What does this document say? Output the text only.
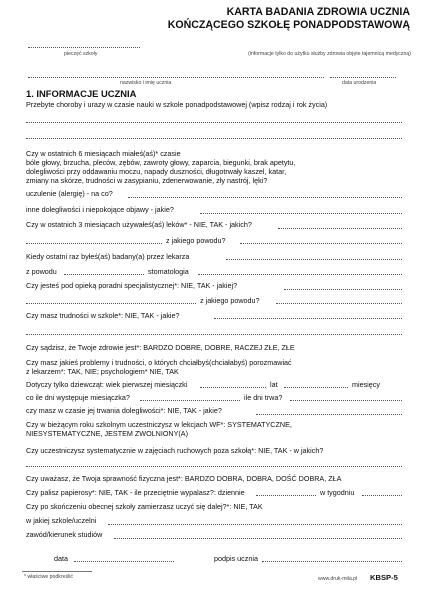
KARTA BADANIA ZDROWIA UCZNIA
KOŃCZĄCEGO SZKOŁĘ PONADPODSTAWOWĄ
(informacje tylko do użytku służby zdrowia objęte tajemnicą medyczną)
pieczęć szkoły
nazwisko i imię ucznia	data urodzenia
1. INFORMACJE UCZNIA
Przebyte choroby i urazy w czasie nauki w szkole ponadpodstawowej (wpisz rodzaj i rok życia)
Czy w ostatnich 6 miesiącach miałeś(aś)* czasie
bóle głowy, brzucha, pleców, zębów, zawroty głowy, zaparcia, biegunki, brak apetytu,
dolegliwości przy oddawaniu moczu, napady duszności, długotrwały kaszel, katar,
zmiany na skórze, trudności w zasypianiu, zdenerwowanie, zły nastrój, lęki?
uczulenie (alergię) - na co?
inne dolegliwości i niepokojące objawy - jakie?
Czy w ostatnich 3 miesiącach używałeś(aś) leków* - NIE, TAK - jakich?
z jakiego powodu?
Kiedy ostatni raz byłeś(aś) badany(a) przez lekarza
z powodu	stomatologia
Czy jesteś pod opieką poradni specjalistycznej*: NIE, TAK - jakiej?
z jakiego powodu?
Czy masz trudności w szkole*: NIE, TAK - jakie?
Czy sądzisz, że Twoje zdrowie jest*: BARDZO DOBRE, DOBRE, RACZEJ ZŁE, ZŁE
Czy masz jakieś problemy i trudności, o których chciałbyś(chciałabyś) porozmawiać
z lekarzem*: TAK, NIE; psychologiem* NIE, TAK
Dotyczy tylko dziewcząt: wiek pierwszej miesiączki	lat	miesięcy
co ile dni występuje miesiączka?	ile dni trwa?
czy masz w czasie jej trwania dolegliwości*: NIE, TAK - jakie?
Czy w bieżącym roku szkolnym uczestniczysz w lekcjach WF*: SYSTEMATYCZNE,
NIESYSTEMATYCZNE, JESTEM ZWOLNIONY(A)
Czy uczestniczysz systematycznie w zajęciach ruchowych poza szkołą*: NIE, TAK - w jakich?
Czy uważasz, że Twoja sprawność fizyczna jest*: BARDZO DOBRA, DOBRA, DOŚĆ DOBRA, ZŁA
Czy palisz papierosy*: NIE, TAK - ile przeciętnie wypalasz?: dziennie	w tygodniu
Czy po skończeniu obecnej szkoły zamierzasz uczyć się dalej?*: NIE, TAK
w jakiej szkole/uczelni
zawód/kierunek studiów
data	podpis ucznia
* właściwe podkreślić	www.druk-mila.pl KBSP-5
